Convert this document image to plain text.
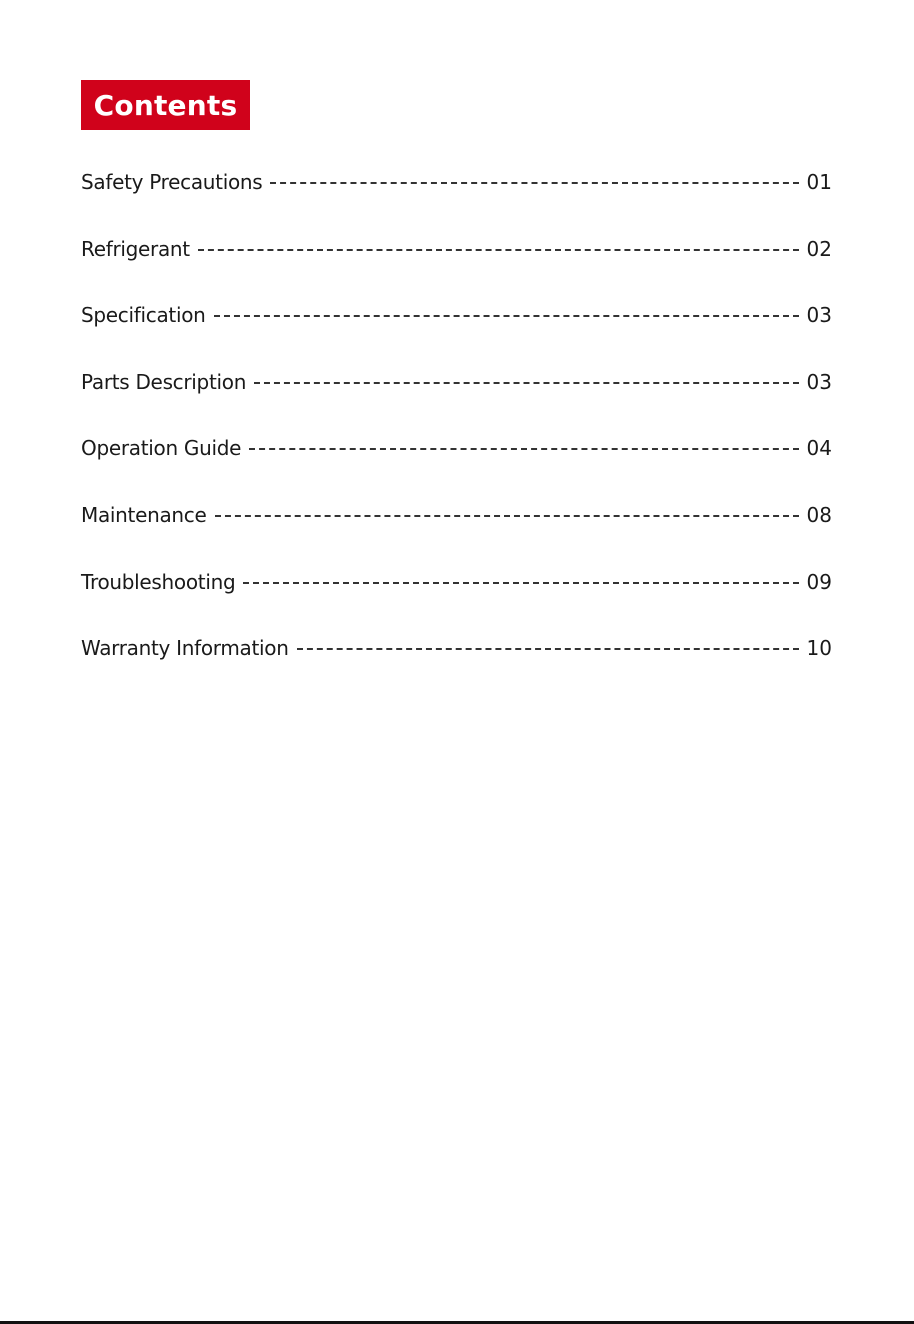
Contents
Safety Precautions	01
Refrigerant	02
Specification	03
Parts Description	03
Operation Guide	04
Maintenance	08
Troubleshooting	09
Warranty Information	10
